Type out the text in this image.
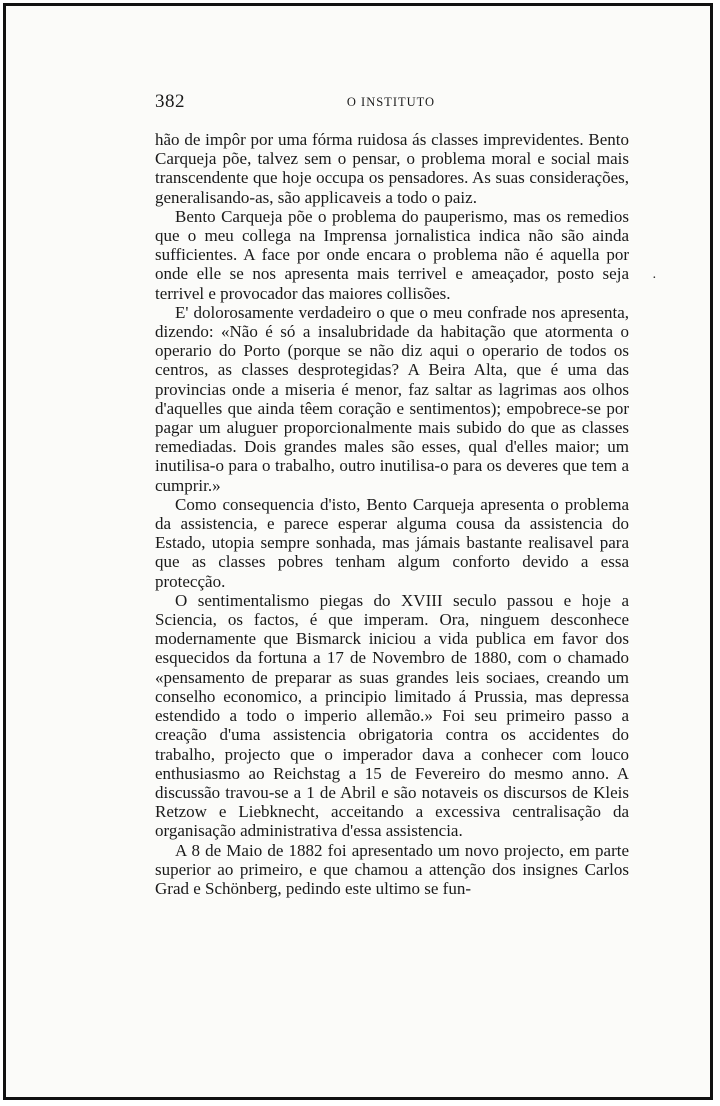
382	O INSTITUTO

hão de impôr por uma fórma ruidosa ás classes imprevidentes. Bento Carqueja põe, talvez sem o pensar, o problema moral e social mais transcendente que hoje occupa os pensadores. As suas considerações, generalisando-as, são applicaveis a todo o paiz.

Bento Carqueja põe o problema do pauperismo, mas os remedios que o meu collega na Imprensa jornalistica indica não são ainda sufficientes. A face por onde encara o problema não é aquella por onde elle se nos apresenta mais terrivel e ameaçador, posto seja terrivel e provocador das maiores collisões.

E' dolorosamente verdadeiro o que o meu confrade nos apresenta, dizendo: «Não é só a insalubridade da habitação que atormenta o operario do Porto (porque se não diz aqui o operario de todos os centros, as classes desprotegidas? A Beira Alta, que é uma das provincias onde a miseria é menor, faz saltar as lagrimas aos olhos d'aquelles que ainda têem coração e sentimentos); empobrece-se por pagar um aluguer proporcionalmente mais subido do que as classes remediadas. Dois grandes males são esses, qual d'elles maior; um inutilisa-o para o trabalho, outro inutilisa-o para os deveres que tem a cumprir.»

Como consequencia d'isto, Bento Carqueja apresenta o problema da assistencia, e parece esperar alguma cousa da assistencia do Estado, utopia sempre sonhada, mas jámais bastante realisavel para que as classes pobres tenham algum conforto devido a essa protecção.

O sentimentalismo piegas do XVIII seculo passou e hoje a Sciencia, os factos, é que imperam. Ora, ninguem desconhece modernamente que Bismarck iniciou a vida publica em favor dos esquecidos da fortuna a 17 de Novembro de 1880, com o chamado «pensamento de preparar as suas grandes leis sociaes, creando um conselho economico, a principio limitado á Prussia, mas depressa estendido a todo o imperio allemão.» Foi seu primeiro passo a creação d'uma assistencia obrigatoria contra os accidentes do trabalho, projecto que o imperador dava a conhecer com louco enthusiasmo ao Reichstag a 15 de Fevereiro do mesmo anno. A discussão travou-se a 1 de Abril e são notaveis os discursos de Kleis Retzow e Liebknecht, acceitando a excessiva centralisação da organisação administrativa d'essa assistencia.

A 8 de Maio de 1882 foi apresentado um novo projecto, em parte superior ao primeiro, e que chamou a attenção dos insignes Carlos Grad e Schönberg, pedindo este ultimo se fun-

·
